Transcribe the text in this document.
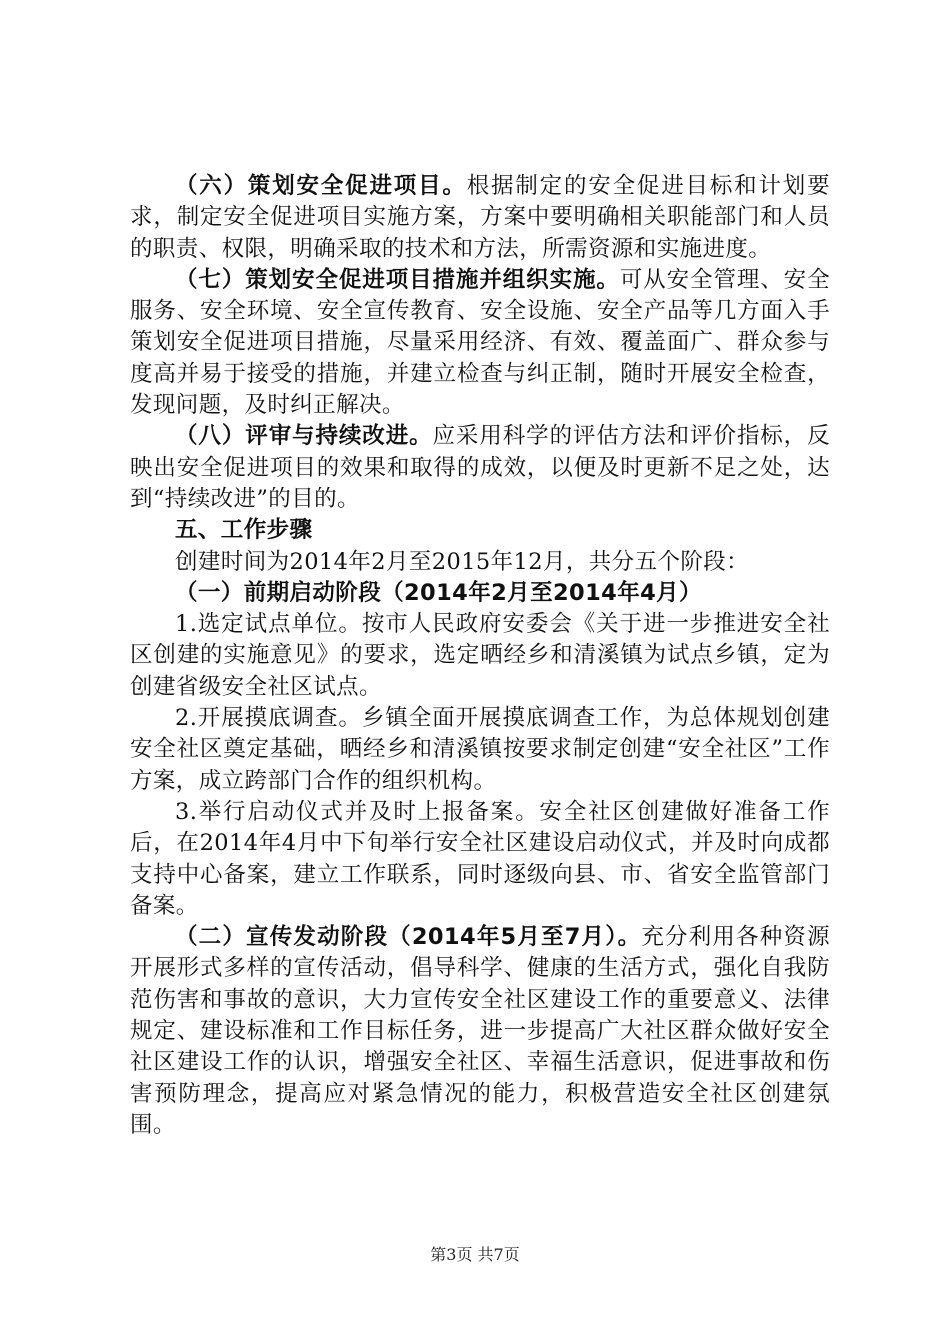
（六）策划安全促进项目。根据制定的安全促进目标和计划要求，制定安全促进项目实施方案，方案中要明确相关职能部门和人员的职责、权限，明确采取的技术和方法，所需资源和实施进度。

（七）策划安全促进项目措施并组织实施。可从安全管理、安全服务、安全环境、安全宣传教育、安全设施、安全产品等几方面入手策划安全促进项目措施，尽量采用经济、有效、覆盖面广、群众参与度高并易于接受的措施，并建立检查与纠正制，随时开展安全检查，发现问题，及时纠正解决。

（八）评审与持续改进。应采用科学的评估方法和评价指标，反映出安全促进项目的效果和取得的成效，以便及时更新不足之处，达到“持续改进”的目的。

五、工作步骤

创建时间为2014年2月至2015年12月，共分五个阶段：

（一）前期启动阶段（2014年2月至2014年4月）

1.选定试点单位。按市人民政府安委会《关于进一步推进安全社区创建的实施意见》的要求，选定晒经乡和清溪镇为试点乡镇，定为创建省级安全社区试点。

2.开展摸底调查。乡镇全面开展摸底调查工作，为总体规划创建安全社区奠定基础，晒经乡和清溪镇按要求制定创建“安全社区”工作方案，成立跨部门合作的组织机构。

3.举行启动仪式并及时上报备案。安全社区创建做好准备工作后，在2014年4月中下旬举行安全社区建设启动仪式，并及时向成都支持中心备案，建立工作联系，同时逐级向县、市、省安全监管部门备案。

（二）宣传发动阶段（2014年5月至7月）。充分利用各种资源开展形式多样的宣传活动，倡导科学、健康的生活方式，强化自我防范伤害和事故的意识，大力宣传安全社区建设工作的重要意义、法律规定、建设标准和工作目标任务，进一步提高广大社区群众做好安全社区建设工作的认识，增强安全社区、幸福生活意识，促进事故和伤害预防理念，提高应对紧急情况的能力，积极营造安全社区创建氛围。

第3页 共7页
